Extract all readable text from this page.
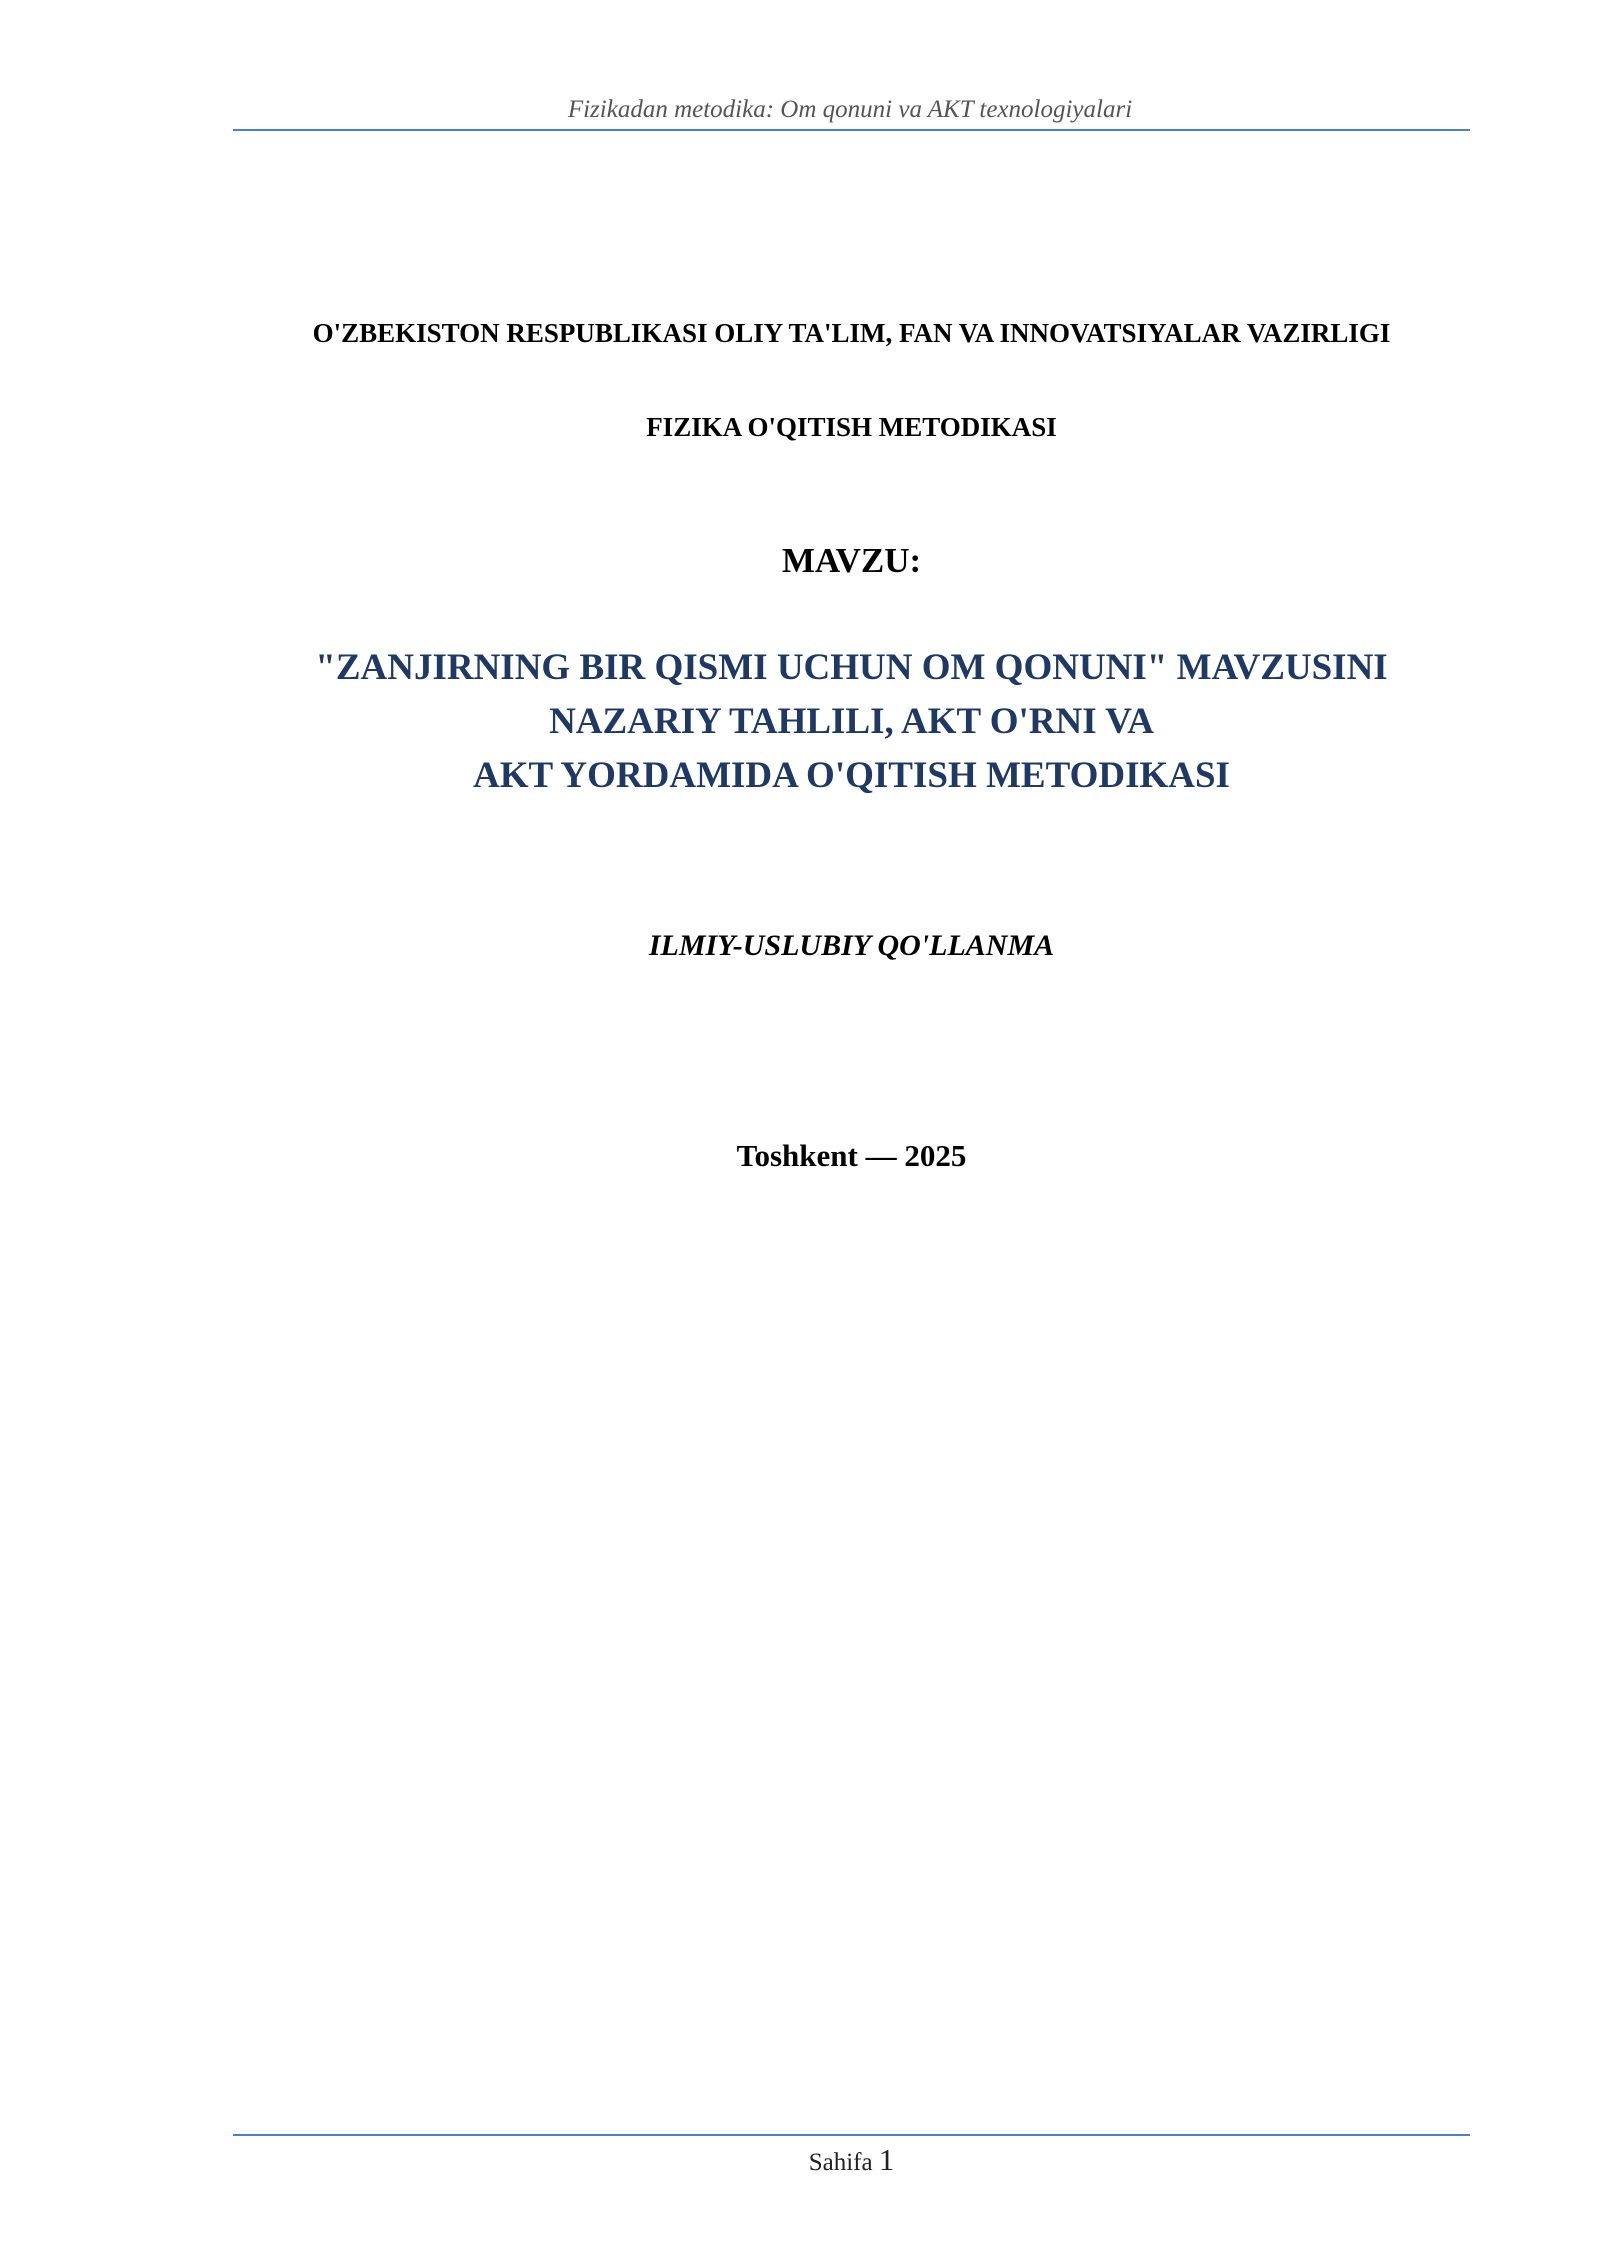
Fizikadan metodika: Om qonuni va AKT texnologiyalari
O'ZBEKISTON RESPUBLIKASI OLIY TA'LIM, FAN VA INNOVATSIYALAR VAZIRLIGI
FIZIKA O'QITISH METODIKASI
MAVZU:
"ZANJIRNING BIR QISMI UCHUN OM QONUNI" MAVZUSINI
NAZARIY TAHLILI, AKT O'RNI VA
AKT YORDAMIDA O'QITISH METODIKASI
ILMIY-USLUBIY QO'LLANMA
Toshkent — 2025
Sahifa 1
